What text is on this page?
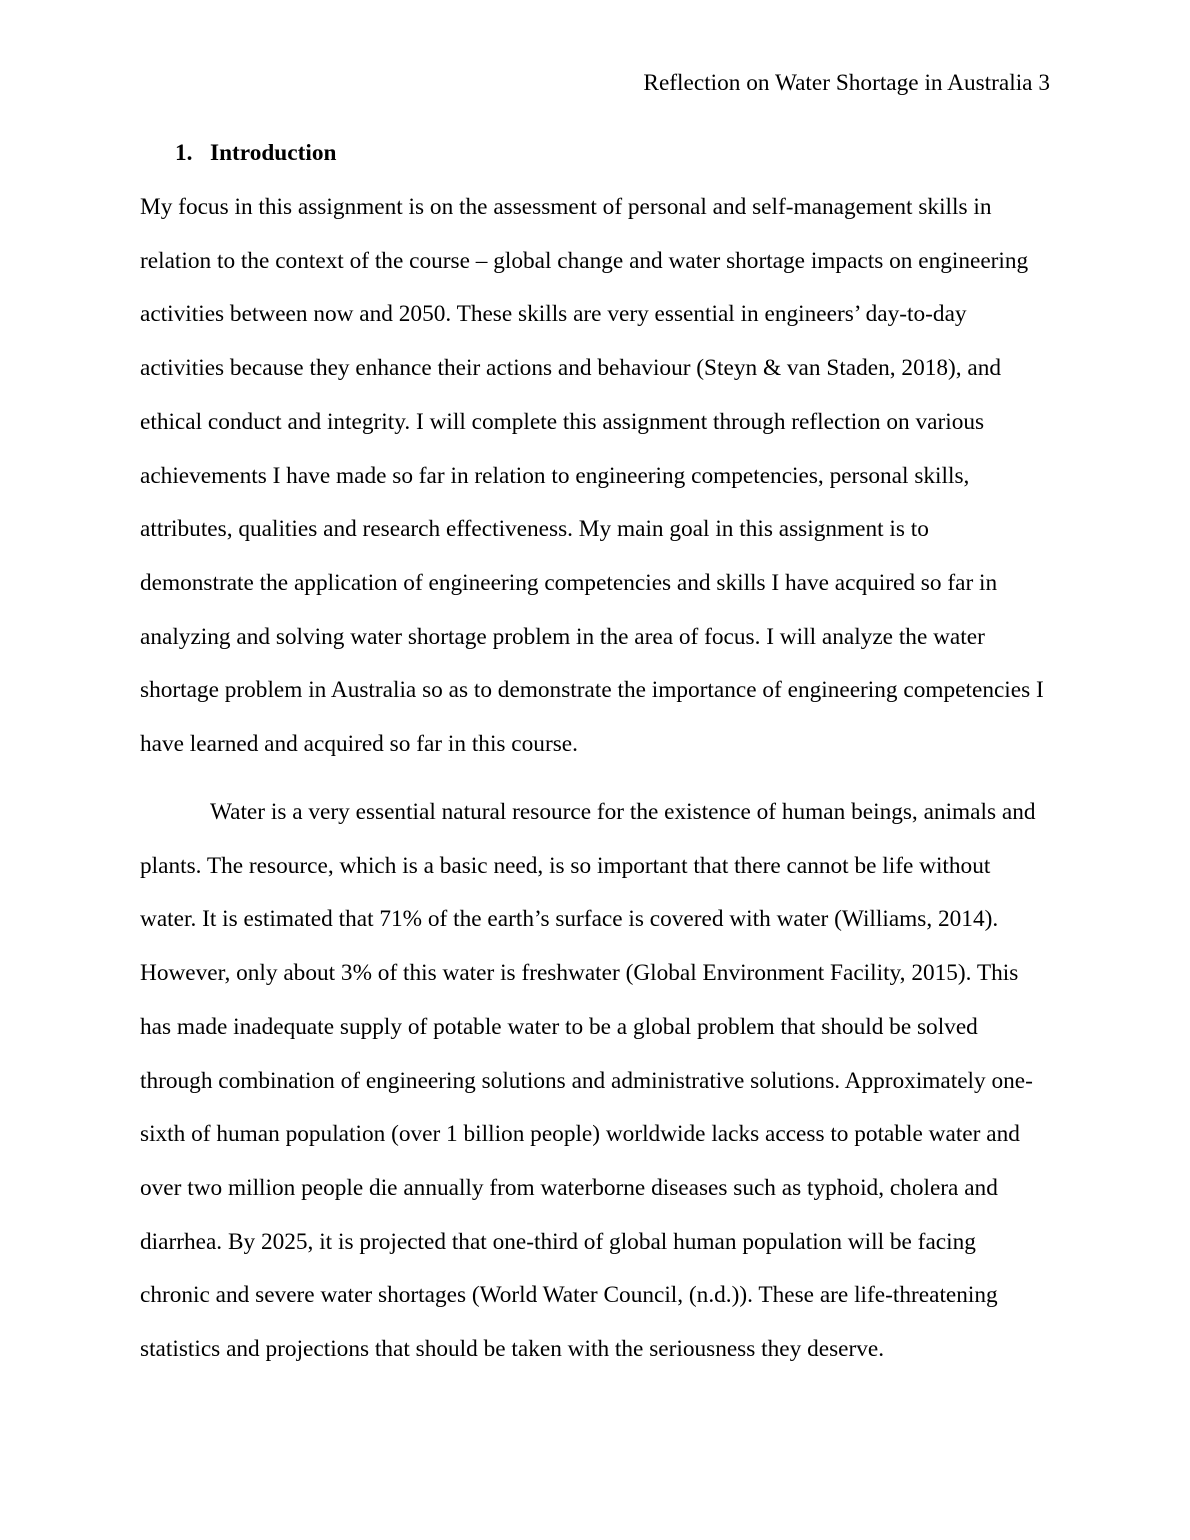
Reflection on Water Shortage in Australia 3
1. Introduction
My focus in this assignment is on the assessment of personal and self-management skills in
relation to the context of the course – global change and water shortage impacts on engineering
activities between now and 2050. These skills are very essential in engineers’ day-to-day
activities because they enhance their actions and behaviour (Steyn & van Staden, 2018), and
ethical conduct and integrity. I will complete this assignment through reflection on various
achievements I have made so far in relation to engineering competencies, personal skills,
attributes, qualities and research effectiveness. My main goal in this assignment is to
demonstrate the application of engineering competencies and skills I have acquired so far in
analyzing and solving water shortage problem in the area of focus. I will analyze the water
shortage problem in Australia so as to demonstrate the importance of engineering competencies I
have learned and acquired so far in this course.
Water is a very essential natural resource for the existence of human beings, animals and
plants. The resource, which is a basic need, is so important that there cannot be life without
water. It is estimated that 71% of the earth’s surface is covered with water (Williams, 2014).
However, only about 3% of this water is freshwater (Global Environment Facility, 2015). This
has made inadequate supply of potable water to be a global problem that should be solved
through combination of engineering solutions and administrative solutions. Approximately one-
sixth of human population (over 1 billion people) worldwide lacks access to potable water and
over two million people die annually from waterborne diseases such as typhoid, cholera and
diarrhea. By 2025, it is projected that one-third of global human population will be facing
chronic and severe water shortages (World Water Council, (n.d.)). These are life-threatening
statistics and projections that should be taken with the seriousness they deserve.
